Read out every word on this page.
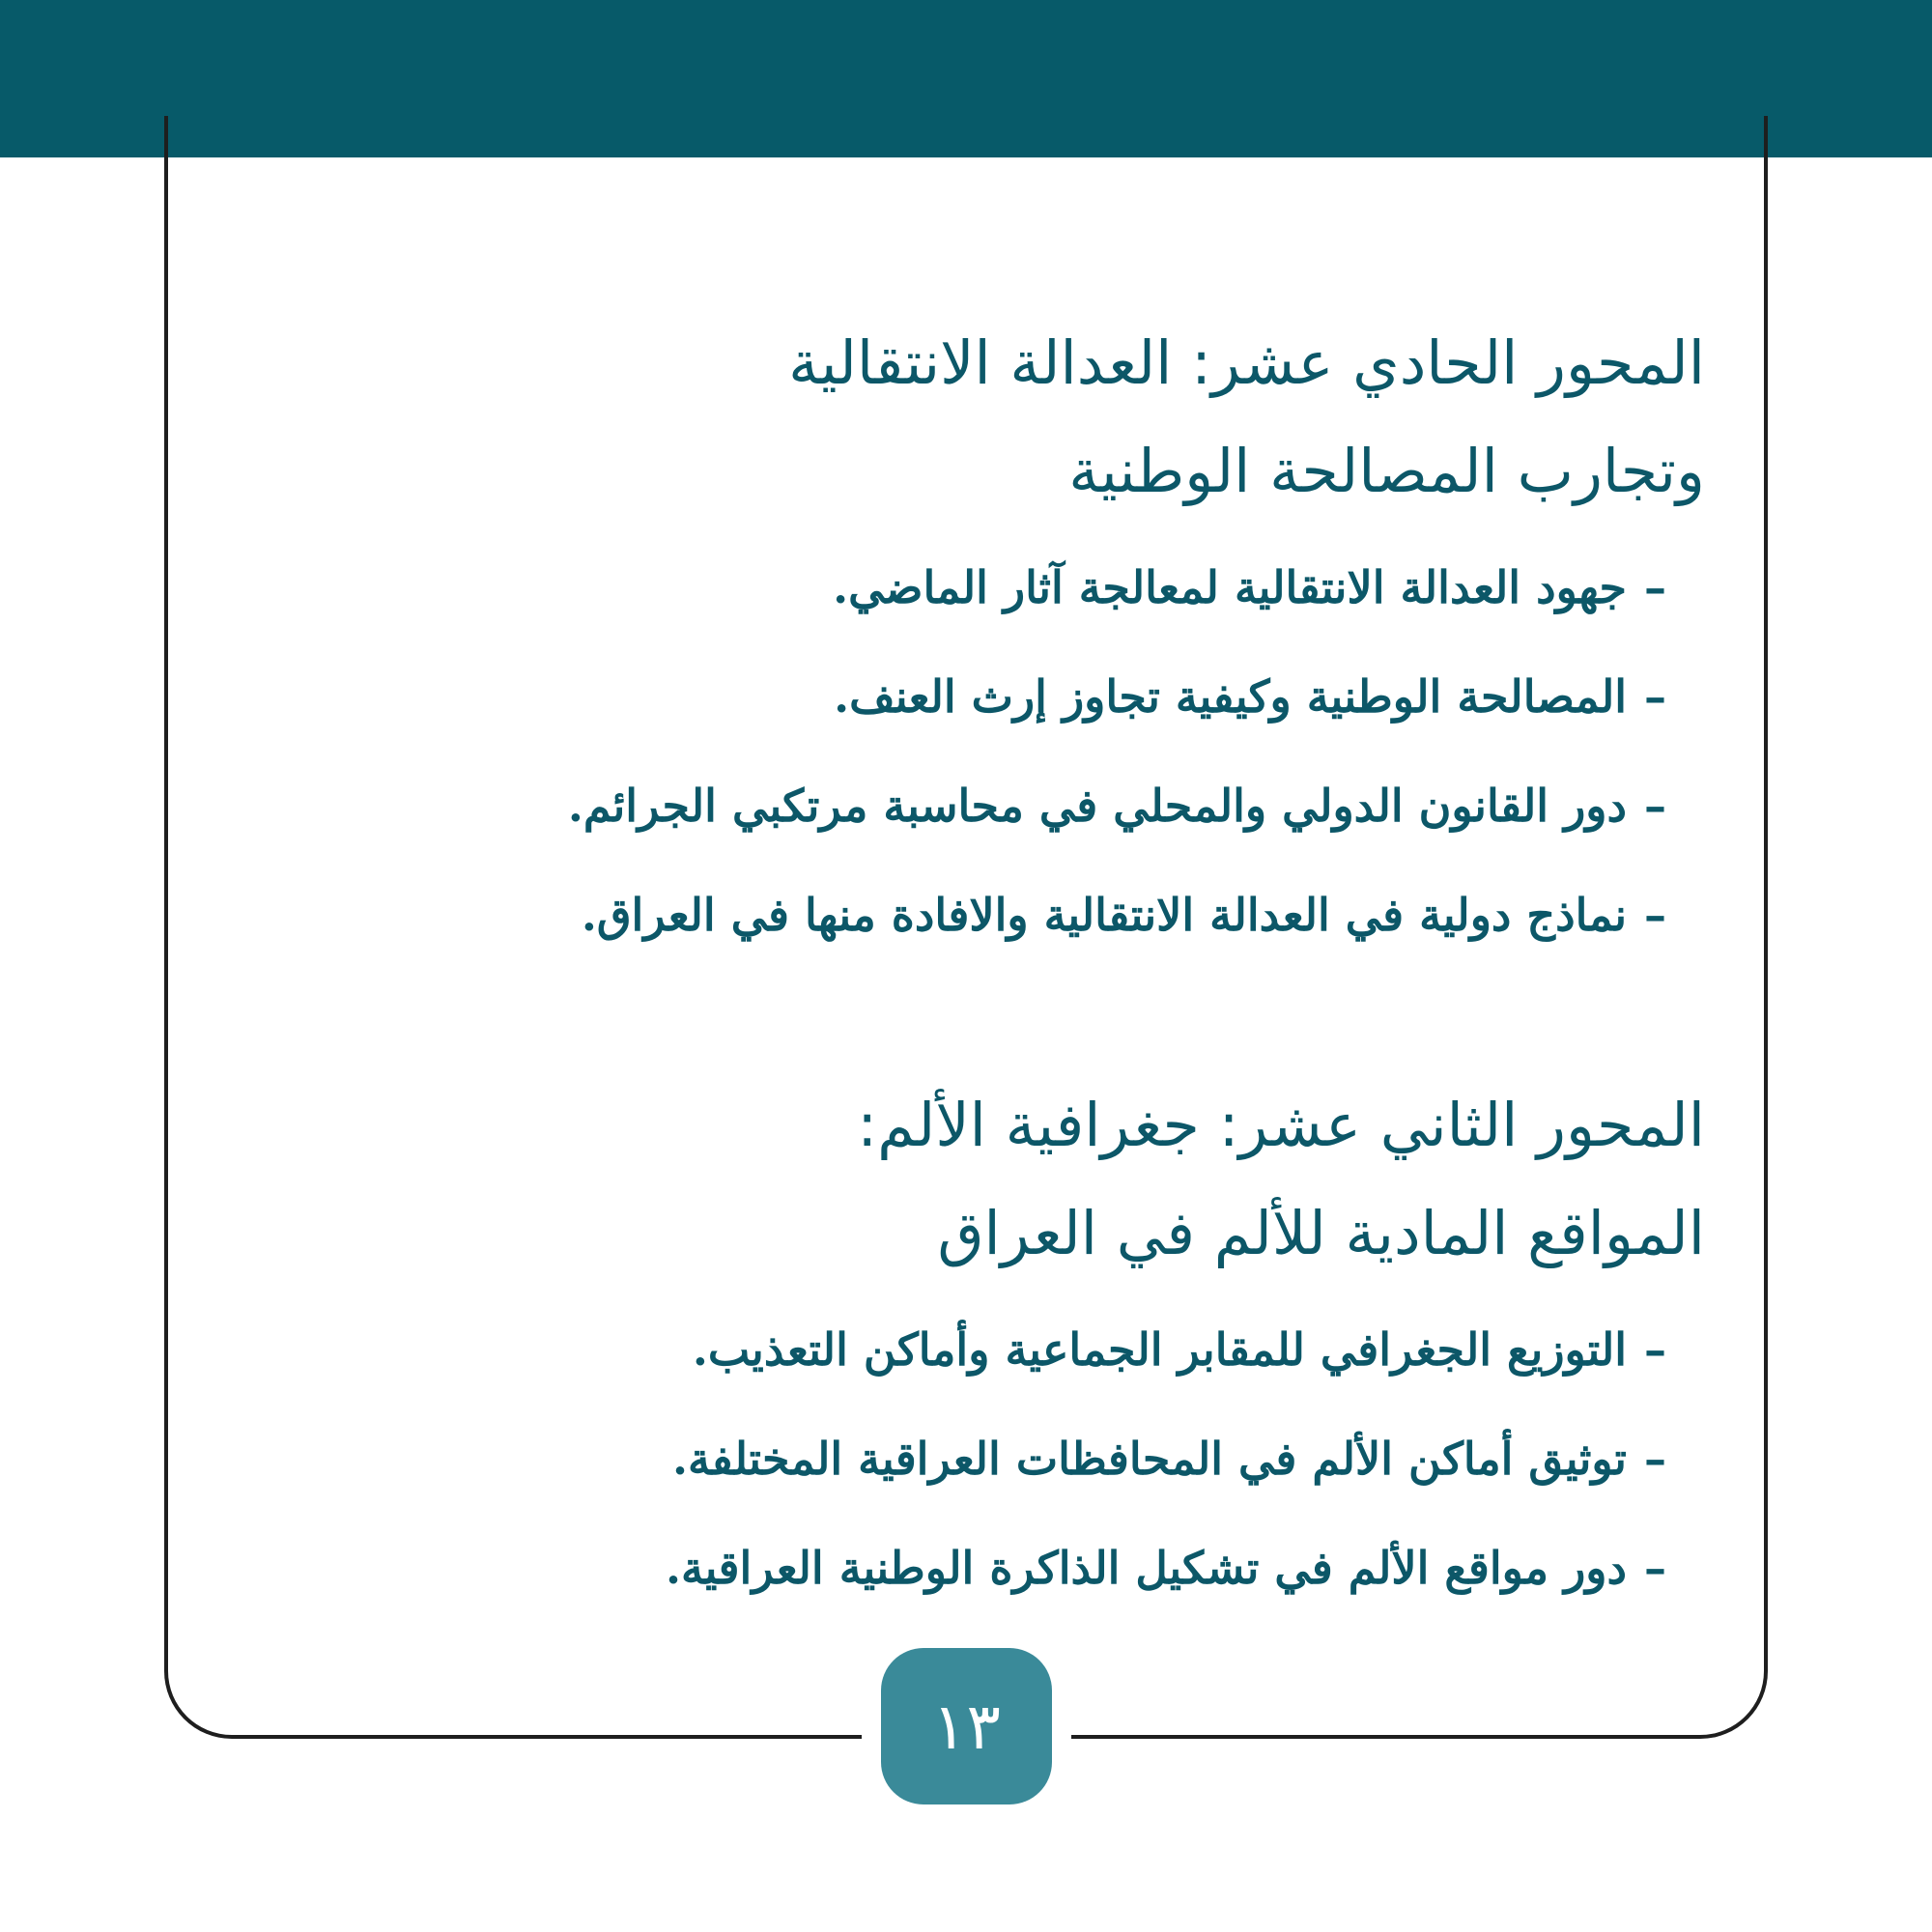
المحور الحادي عشر: العدالة الانتقالية
وتجارب المصالحة الوطنية
–جهود العدالة الانتقالية لمعالجة آثار الماضي.
–المصالحة الوطنية وكيفية تجاوز إرث العنف.
–دور القانون الدولي والمحلي في محاسبة مرتكبي الجرائم.
–نماذج دولية في العدالة الانتقالية والافادة منها في العراق.
المحور الثاني عشر: جغرافية الألم:
المواقع المادية للألم في العراق
–التوزيع الجغرافي للمقابر الجماعية وأماكن التعذيب.
–توثيق أماكن الألم في المحافظات العراقية المختلفة.
–دور مواقع الألم في تشكيل الذاكرة الوطنية العراقية.
١٣
